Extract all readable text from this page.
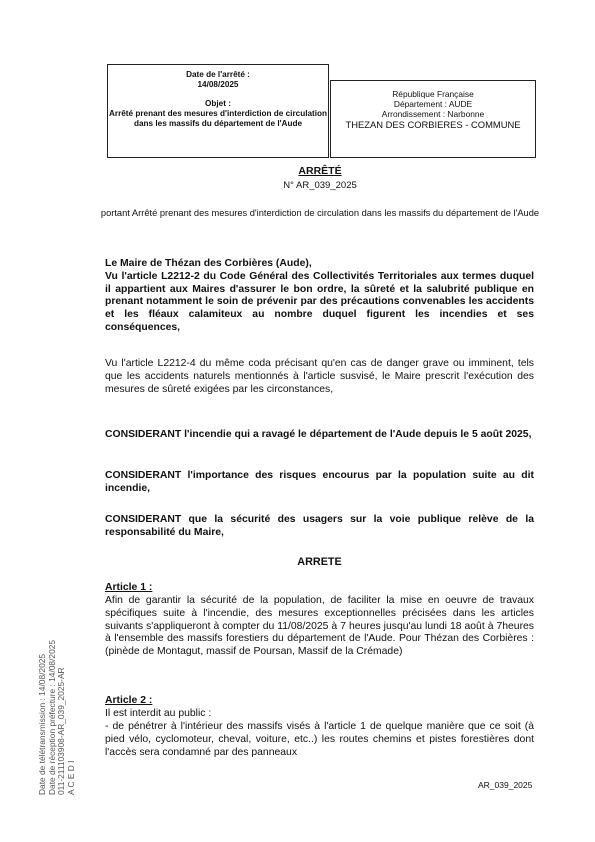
Date de l'arrêté :
14/08/2025
Objet :
Arrêté prenant des mesures d'interdiction de circulation dans les massifs du département de l'Aude
République Française
Département : AUDE
Arrondissement : Narbonne
THEZAN DES CORBIERES - COMMUNE
ARRÊTÉ
N° AR_039_2025
portant Arrêté prenant des mesures d'interdiction de circulation dans les massifs du département de l'Aude
Le Maire de Thézan des Corbières (Aude),
Vu l'article L2212-2 du Code Général des Collectivités Territoriales aux termes duquel il appartient aux Maires d'assurer le bon ordre, la sûreté et la salubrité publique en prenant notamment le soin de prévenir par des précautions convenables les accidents et les fléaux calamiteux au nombre duquel figurent les incendies et ses conséquences,
Vu l'article L2212-4 du même coda précisant qu'en cas de danger grave ou imminent, tels que les accidents naturels mentionnés à l'article susvisé, le Maire prescrit l'exécution des mesures de sûreté exigées par les circonstances,
CONSIDERANT l'incendie qui a ravagé le département de l'Aude depuis le 5 août 2025,
CONSIDERANT l'importance des risques encourus par la population suite au dit incendie,
CONSIDERANT que la sécurité des usagers sur la voie publique relève de la responsabilité du Maire,
ARRETE
Article 1 :
Afin de garantir la sécurité de la population, de faciliter la mise en oeuvre de travaux spécifiques suite à l'incendie, des mesures exceptionnelles précisées dans les articles suivants s'appliqueront à compter du 11/08/2025 à 7 heures jusqu'au lundi 18 août à 7heures à l'ensemble des massifs forestiers du département de l'Aude. Pour Thézan des Corbières : (pinède de Montagut, massif de Poursan, Massif de la Crémade)
Article 2 :
Il est interdit au public :
- de pénétrer à l'intérieur des massifs visés à l'article 1 de quelque manière que ce soit (à pied vélo, cyclomoteur, cheval, voiture, etc..) les routes chemins et pistes forestières dont l'accès sera condamné par des panneaux
AR_039_2025
Date de télétransmission : 14/08/2025 Date de réception préfecture : 14/08/2025 011-211103908-AR_039_2025-AR A C E D I
